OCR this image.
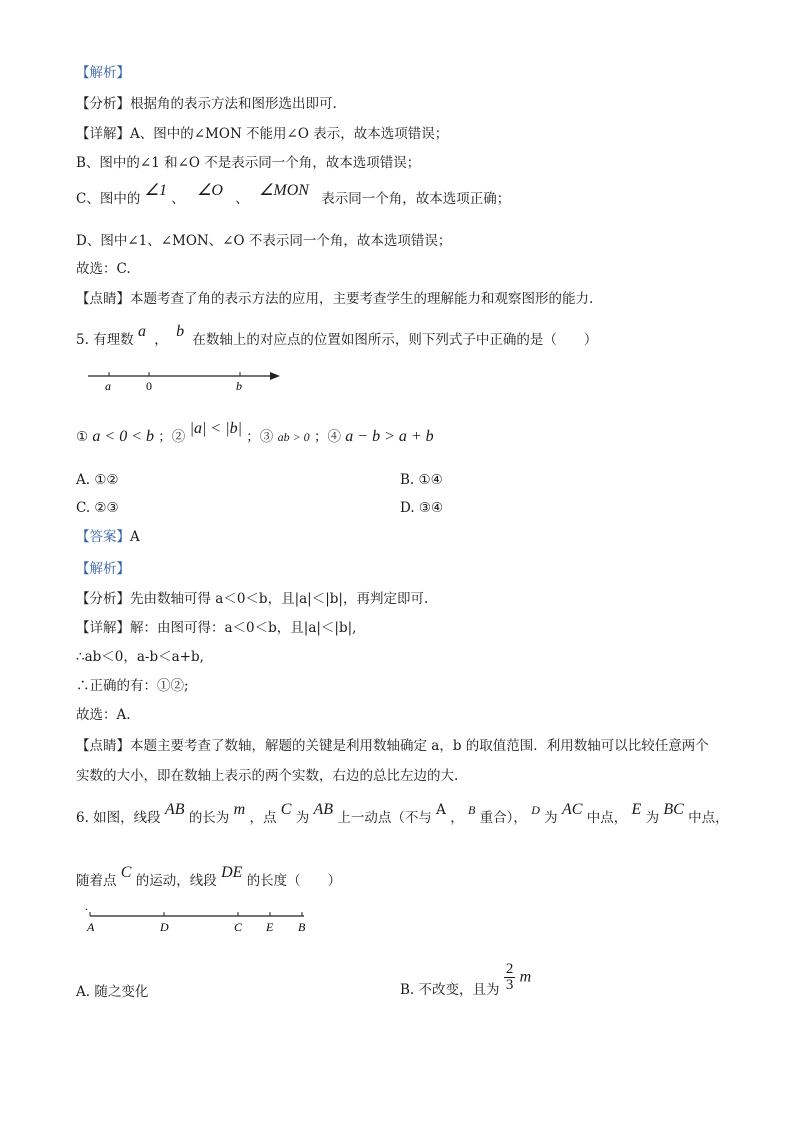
【解析】
【分析】根据角的表示方法和图形选出即可.
【详解】A、图中的∠MON 不能用∠O 表示，故本选项错误；
B、图中的∠1 和∠O 不是表示同一个角，故本选项错误；
C、图中的 ∠1 、 ∠O 、 ∠MON 表示同一个角，故本选项正确；
D、图中∠1、∠MON、∠O 不表示同一个角，故本选项错误；
故选：C.
【点睛】本题考查了角的表示方法的应用，主要考查学生的理解能力和观察图形的能力.
5. 有理数 a ， b 在数轴上的对应点的位置如图所示，则下列式子中正确的是（　　）
a	0	b
① a < 0 < b ；② |a| < |b| ；③ ab > 0 ；④ a − b > a + b
A. ①②	B. ①④
C. ②③	D. ③④
【答案】A
【解析】
【分析】先由数轴可得 a＜0＜b，且|a|＜|b|，再判定即可.
【详解】解：由图可得：a＜0＜b，且|a|＜|b|,
∴ab＜0，a-b＜a+b,
∴正确的有：①②;
故选：A.
【点睛】本题主要考查了数轴，解题的关键是利用数轴确定 a，b 的取值范围．利用数轴可以比较任意两个
实数的大小，即在数轴上表示的两个实数，右边的总比左边的大.
6. 如图，线段 AB 的长为 m ，点 C 为 AB 上一动点（不与 A ， B 重合）， D 为 AC 中点， E 为 BC 中点，
随着点 C 的运动，线段 DE 的长度（　　）
.
A	D	C E B
A. 随之变化	B. 不改变，且为 $\frac{2}{3}$ m
